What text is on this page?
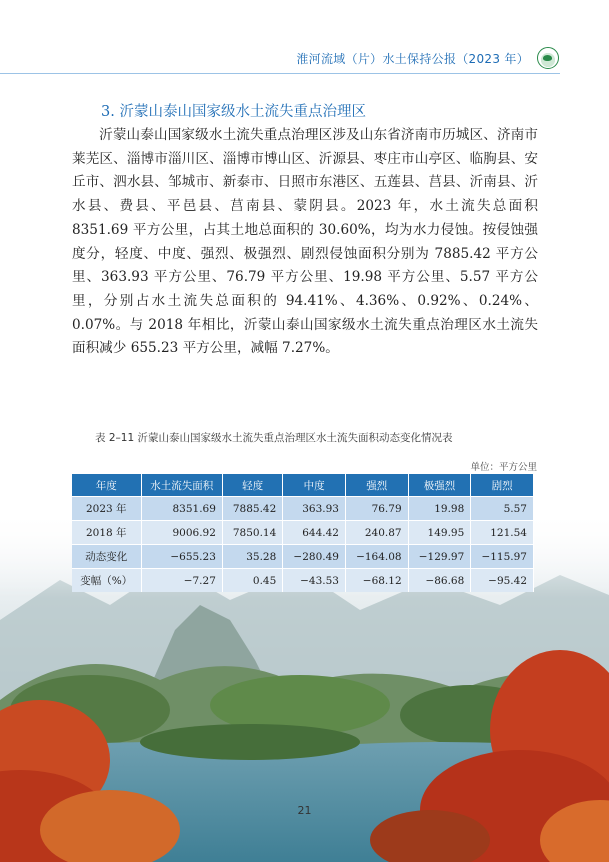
淮河流域（片）水土保持公报（2023 年）
3. 沂蒙山泰山国家级水土流失重点治理区

沂蒙山泰山国家级水土流失重点治理区涉及山东省济南市历城区、济南市莱芜区、淄博市淄川区、淄博市博山区、沂源县、枣庄市山亭区、临朐县、安丘市、泗水县、邹城市、新泰市、日照市东港区、五莲县、莒县、沂南县、沂水县、费县、平邑县、莒南县、蒙阴县。2023 年，水土流失总面积 8351.69 平方公里，占其土地总面积的 30.60%，均为水力侵蚀。按侵蚀强度分，轻度、中度、强烈、极强烈、剧烈侵蚀面积分别为 7885.42 平方公里、363.93 平方公里、76.79 平方公里、19.98 平方公里、5.57 平方公里，分别占水土流失总面积的 94.41%、4.36%、0.92%、0.24%、0.07%。与 2018 年相比，沂蒙山泰山国家级水土流失重点治理区水土流失面积减少 655.23 平方公里，减幅 7.27%。

表 2–11 沂蒙山泰山国家级水土流失重点治理区水土流失面积动态变化情况表
单位：平方公里
年度	水土流失面积	轻度	中度	强烈	极强烈	剧烈
2023 年	8351.69	7885.42	363.93	76.79	19.98	5.57
2018 年	9006.92	7850.14	644.42	240.87	149.95	121.54
动态变化	−655.23	35.28	−280.49	−164.08	−129.97	−115.97
变幅（%）	−7.27	0.45	−43.53	−68.12	−86.68	−95.42
21
